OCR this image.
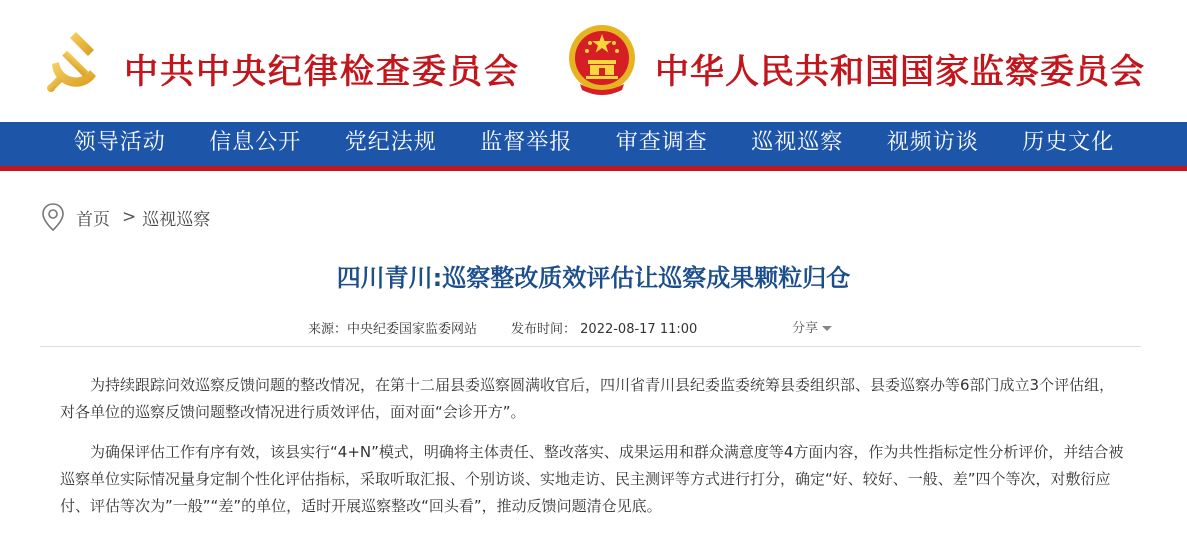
中共中央纪律检查委员会	中华人民共和国国家监察委员会
领导活动	信息公开	党纪法规	监督举报	审查调查	巡视巡察	视频访谈	历史文化
首页 > 巡视巡察
四川青川:巡察整改质效评估让巡察成果颗粒归仓
来源：中央纪委国家监委网站	发布时间： 2022-08-17 11:00	分享

为持续跟踪问效巡察反馈问题的整改情况，在第十二届县委巡察圆满收官后，四川省青川县纪委监委统筹县委组织部、县委巡察办等6部门成立3个评估组，对各单位的巡察反馈问题整改情况进行质效评估，面对面“会诊开方”。

为确保评估工作有序有效，该县实行“4+N”模式，明确将主体责任、整改落实、成果运用和群众满意度等4方面内容，作为共性指标定性分析评价，并结合被巡察单位实际情况量身定制个性化评估指标，采取听取汇报、个别访谈、实地走访、民主测评等方式进行打分，确定“好、较好、一般、差”四个等次，对敷衍应付、评估等次为”一般”“差”的单位，适时开展巡察整改“回头看”，推动反馈问题清仓见底。
